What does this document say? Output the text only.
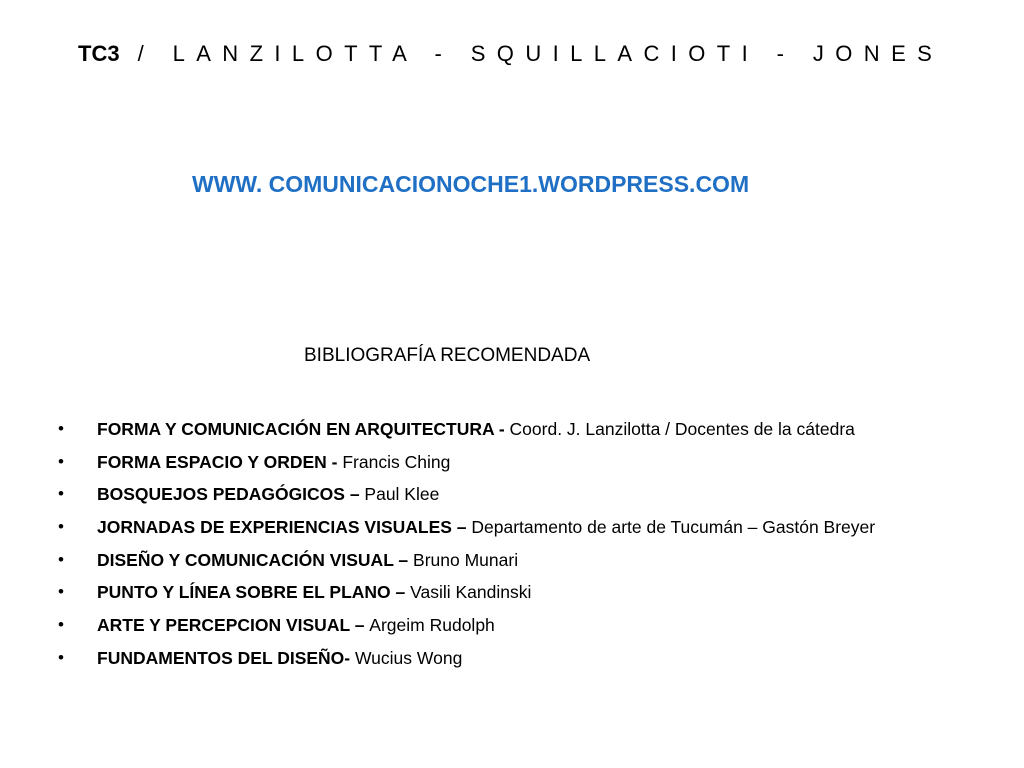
TC3 / LANZILOTTA - SQUILLACIOTI - JONES
WWW. COMUNICACIONOCHE1.WORDPRESS.COM
BIBLIOGRAFÍA RECOMENDADA
• FORMA Y COMUNICACIÓN EN ARQUITECTURA - Coord. J. Lanzilotta / Docentes de la cátedra
• FORMA ESPACIO Y ORDEN - Francis Ching
• BOSQUEJOS PEDAGÓGICOS – Paul Klee
• JORNADAS DE EXPERIENCIAS VISUALES – Departamento de arte de Tucumán – Gastón Breyer
• DISEÑO Y COMUNICACIÓN VISUAL – Bruno Munari
• PUNTO Y LÍNEA SOBRE EL PLANO – Vasili Kandinski
• ARTE Y PERCEPCION VISUAL – Argeim Rudolph
• FUNDAMENTOS DEL DISEÑO- Wucius Wong
